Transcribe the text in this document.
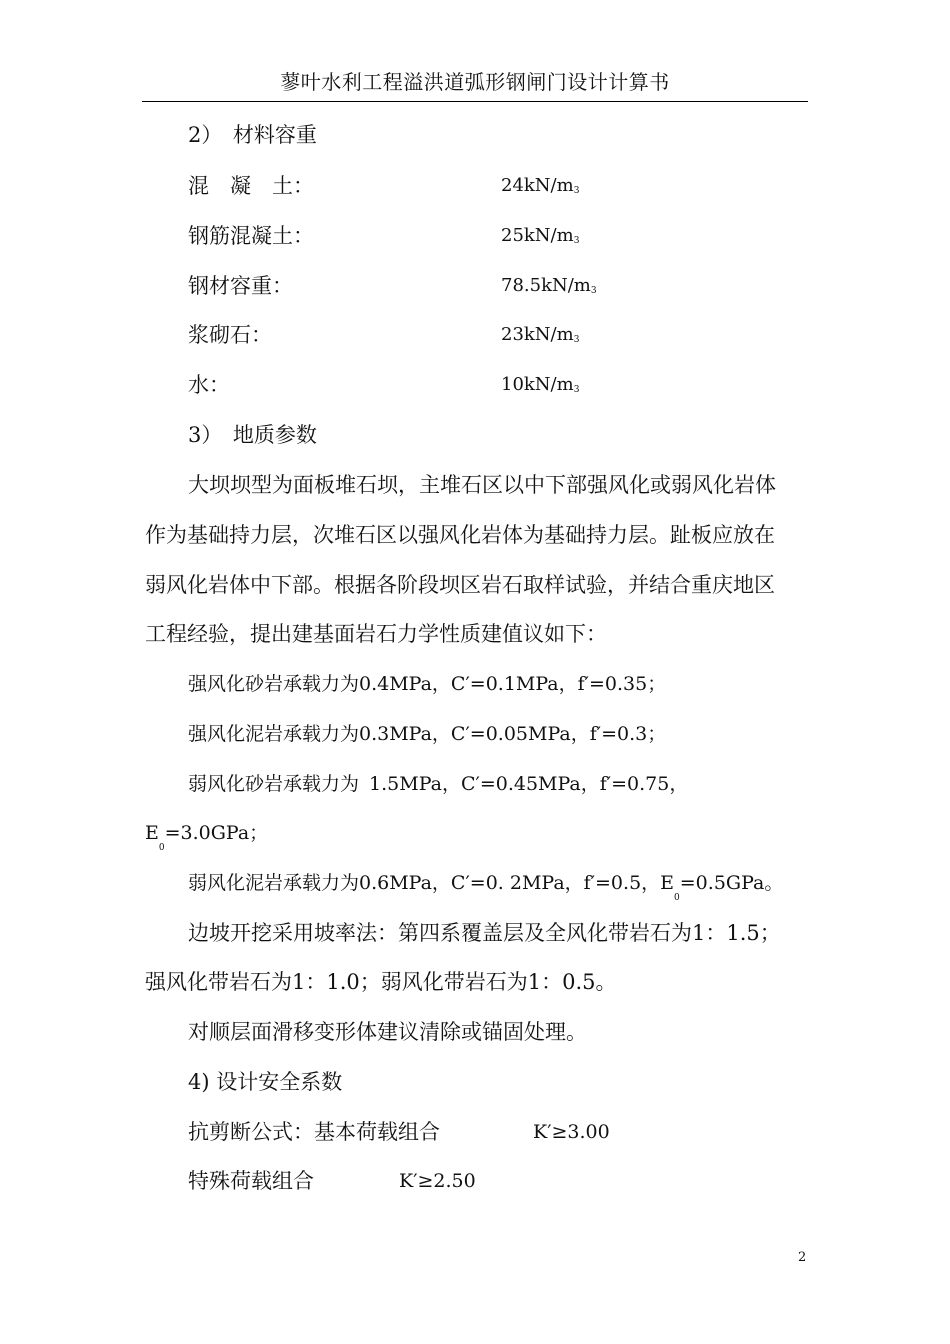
蓼叶水利工程溢洪道弧形钢闸门设计计算书
2）　材料容重
混　凝　土：	$24kN/m^3$
钢筋混凝土：	$25kN/m^3$
钢材容重：	$78.5kN/m^3$
浆砌石：	$23kN/m^3$
水：	$10kN/m^3$
3）　地质参数
大坝坝型为面板堆石坝，主堆石区以中下部强风化或弱风化岩体
作为基础持力层，次堆石区以强风化岩体为基础持力层。趾板应放在
弱风化岩体中下部。根据各阶段坝区岩石取样试验，并结合重庆地区
工程经验，提出建基面岩石力学性质建值议如下：
强风化砂岩承载力为0.4MPa，C′=0.1MPa，f′=0.35；
强风化泥岩承载力为0.3MPa，C′=0.05MPa，f′=0.3；
弱风化砂岩承载力为 1.5MPa，C′=0.45MPa，f′=0.75，
$E_0=3.0GPa$；
弱风化泥岩承载力为0.6MPa，C′=0. 2MPa，f′=0.5，$E_0=0.5GPa$。
边坡开挖采用坡率法：第四系覆盖层及全风化带岩石为1：1.5；
强风化带岩石为1：1.0；弱风化带岩石为1：0.5。
对顺层面滑移变形体建议清除或锚固处理。
4) 设计安全系数
抗剪断公式：基本荷载组合	K′≥3.00
特殊荷载组合	K′≥2.50
2
